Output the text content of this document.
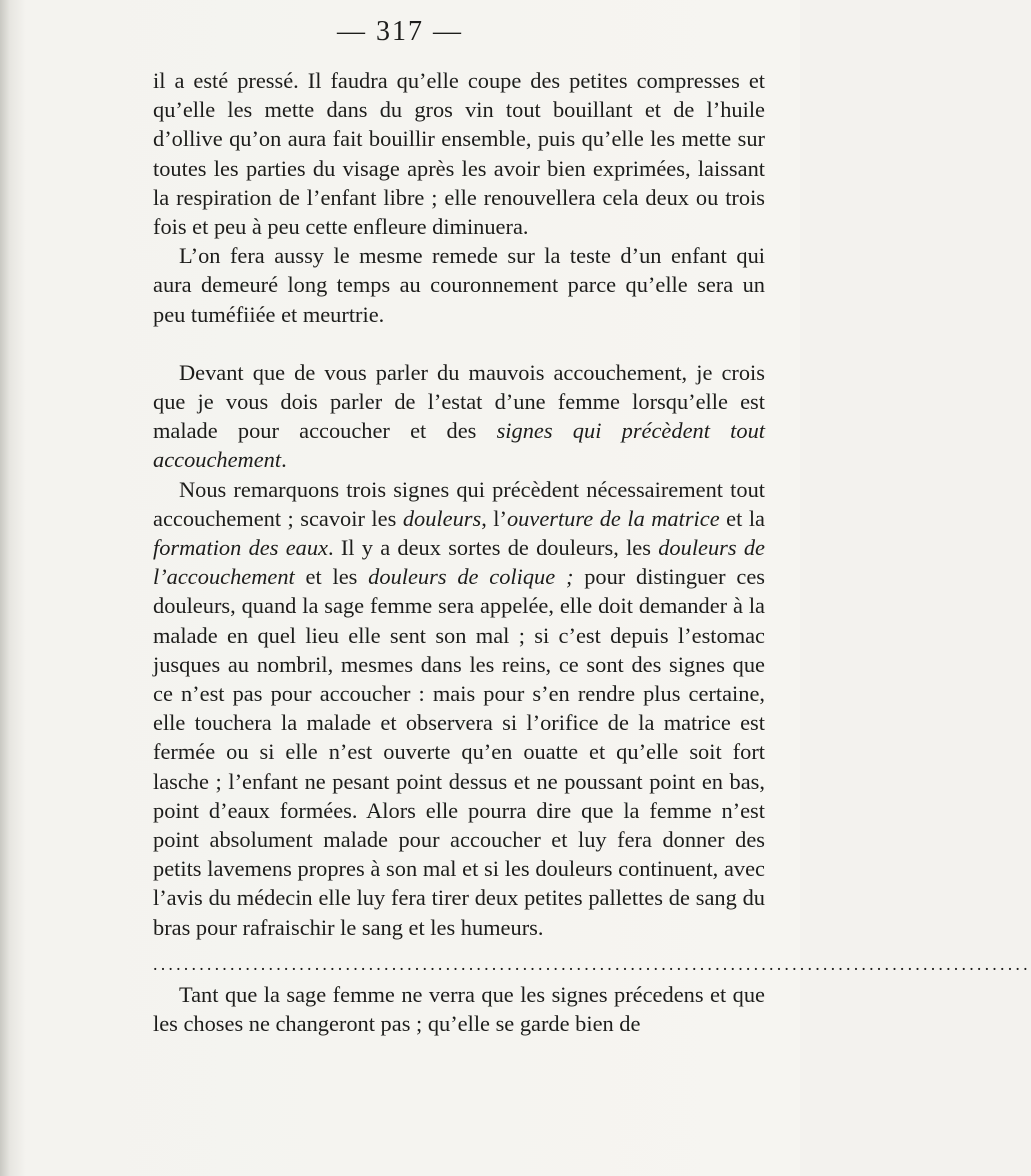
— 317 —

il a esté pressé. Il faudra qu’elle coupe des petites compresses et qu’elle les mette dans du gros vin tout bouillant et de l’huile d’ollive qu’on aura fait bouillir ensemble, puis qu’elle les mette sur toutes les parties du visage après les avoir bien exprimées, laissant la respiration de l’enfant libre ; elle renouvellera cela deux ou trois fois et peu à peu cette enfleure diminuera.

L’on fera aussy le mesme remede sur la teste d’un enfant qui aura demeuré long temps au couronnement parce qu’elle sera un peu tuméfiiée et meurtrie.

Devant que de vous parler du mauvois accouchement, je crois que je vous dois parler de l’estat d’une femme lorsqu’elle est malade pour accoucher et des signes qui précèdent tout accouchement.

Nous remarquons trois signes qui précèdent nécessairement tout accouchement ; scavoir les douleurs, l’ouverture de la matrice et la formation des eaux. Il y a deux sortes de douleurs, les douleurs de l’accouchement et les douleurs de colique ; pour distinguer ces douleurs, quand la sage femme sera appelée, elle doit demander à la malade en quel lieu elle sent son mal ; si c’est depuis l’estomac jusques au nombril, mesmes dans les reins, ce sont des signes que ce n’est pas pour accoucher : mais pour s’en rendre plus certaine, elle touchera la malade et observera si l’orifice de la matrice est fermée ou si elle n’est ouverte qu’en ouatte et qu’elle soit fort lasche ; l’enfant ne pesant point dessus et ne poussant point en bas, point d’eaux formées. Alors elle pourra dire que la femme n’est point absolument malade pour accoucher et luy fera donner des petits lavemens propres à son mal et si les douleurs continuent, avec l’avis du médecin elle luy fera tirer deux petites pallettes de sang du bras pour rafraischir le sang et les humeurs.

..................................................................................................................

Tant que la sage femme ne verra que les signes précedens et que les choses ne changeront pas ; qu’elle se garde bien de
